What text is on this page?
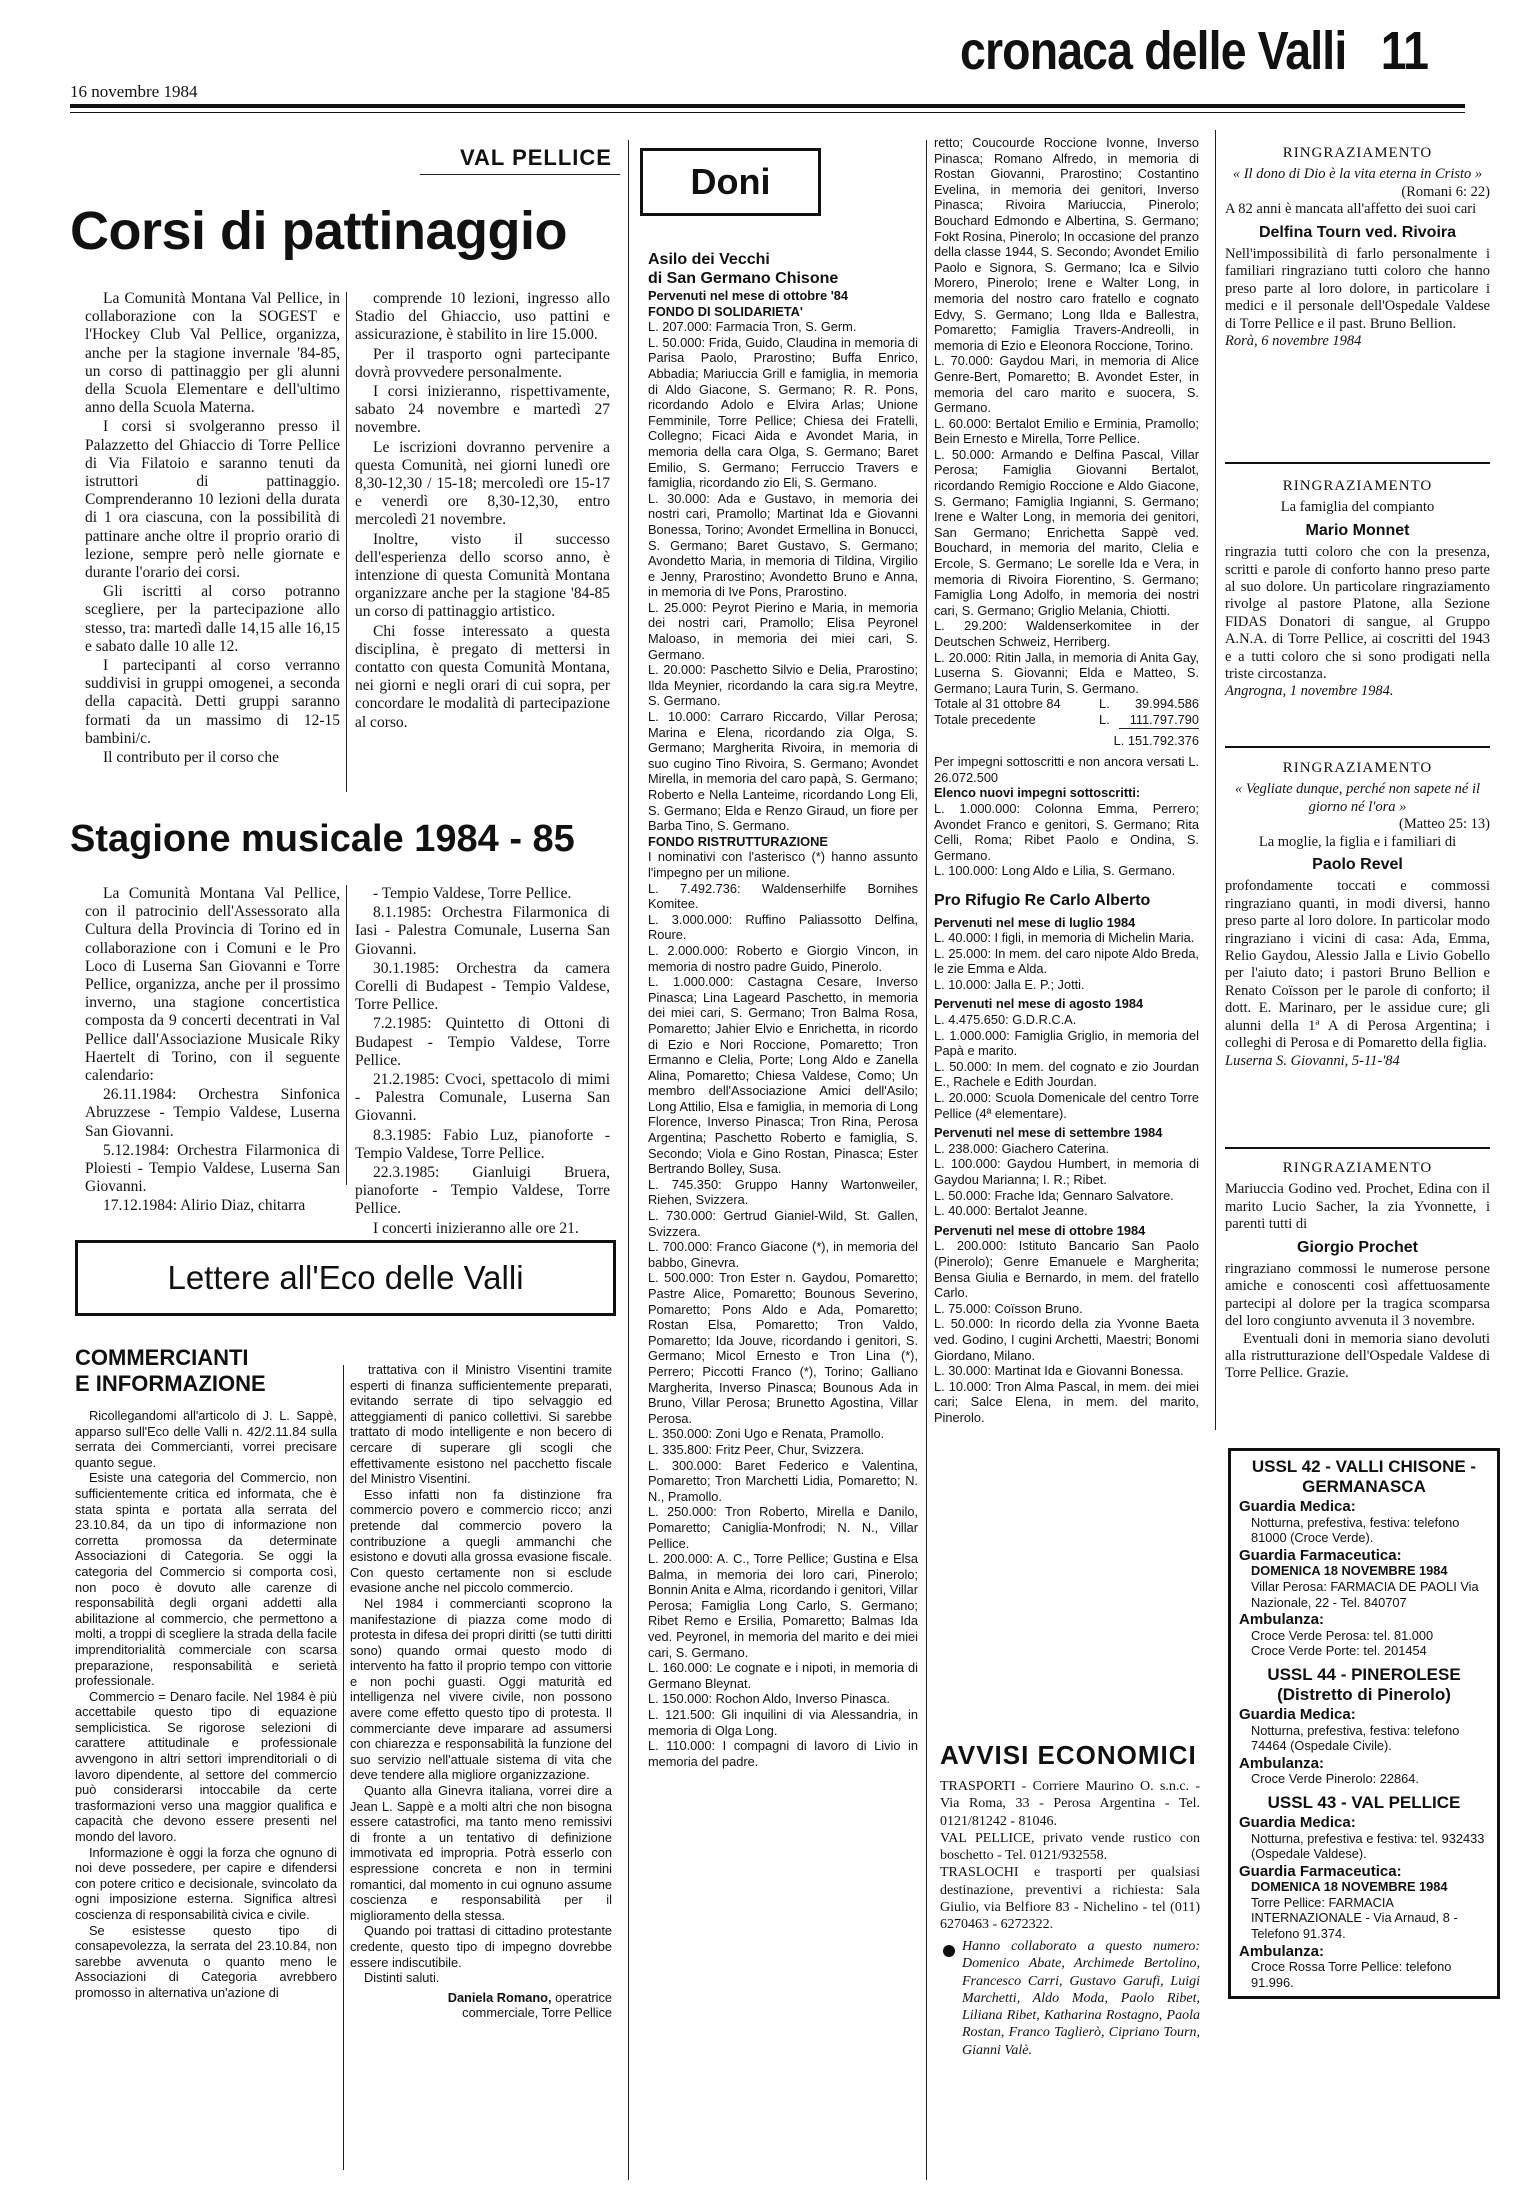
16 novembre 1984
cronaca delle Valli 11
VAL PELLICE
Corsi di pattinaggio

La Comunità Montana Val Pellice, in collaborazione con la SOGEST e l'Hockey Club Val Pellice, organizza, anche per la stagione invernale '84-85, un corso di pattinaggio per gli alunni della Scuola Elementare e dell'ultimo anno della Scuola Materna.

I corsi si svolgeranno presso il Palazzetto del Ghiaccio di Torre Pellice di Via Filatoio e saranno tenuti da istruttori di pattinaggio. Comprenderanno 10 lezioni della durata di 1 ora ciascuna, con la possibilità di pattinare anche oltre il proprio orario di lezione, sempre però nelle giornate e durante l'orario dei corsi.

Gli iscritti al corso potranno scegliere, per la partecipazione allo stesso, tra: martedì dalle 14,15 alle 16,15 e sabato dalle 10 alle 12.

I partecipanti al corso verranno suddivisi in gruppi omogenei, a seconda della capacità. Detti gruppi saranno formati da un massimo di 12-15 bambini/c.

Il contributo per il corso che

comprende 10 lezioni, ingresso allo Stadio del Ghiaccio, uso pattini e assicurazione, è stabilito in lire 15.000.

Per il trasporto ogni partecipante dovrà provvedere personalmente.

I corsi inizieranno, rispettivamente, sabato 24 novembre e martedì 27 novembre.

Le iscrizioni dovranno pervenire a questa Comunità, nei giorni lunedì ore 8,30-12,30 / 15-18; mercoledì ore 15-17 e venerdì ore 8,30-12,30, entro mercoledì 21 novembre.

Inoltre, visto il successo dell'esperienza dello scorso anno, è intenzione di questa Comunità Montana organizzare anche per la stagione '84-85 un corso di pattinaggio artistico.

Chi fosse interessato a questa disciplina, è pregato di mettersi in contatto con questa Comunità Montana, nei giorni e negli orari di cui sopra, per concordare le modalità di partecipazione al corso.

Stagione musicale 1984 - 85

La Comunità Montana Val Pellice, con il patrocinio dell'Assessorato alla Cultura della Provincia di Torino ed in collaborazione con i Comuni e le Pro Loco di Luserna San Giovanni e Torre Pellice, organizza, anche per il prossimo inverno, una stagione concertistica composta da 9 concerti decentrati in Val Pellice dall'Associazione Musicale Riky Haertelt di Torino, con il seguente calendario:

26.11.1984: Orchestra Sinfonica Abruzzese - Tempio Valdese, Luserna San Giovanni.

5.12.1984: Orchestra Filarmonica di Ploiesti - Tempio Valdese, Luserna San Giovanni.

17.12.1984: Alirio Diaz, chitarra

- Tempio Valdese, Torre Pellice.

8.1.1985: Orchestra Filarmonica di Iasi - Palestra Comunale, Luserna San Giovanni.

30.1.1985: Orchestra da camera Corelli di Budapest - Tempio Valdese, Torre Pellice.

7.2.1985: Quintetto di Ottoni di Budapest - Tempio Valdese, Torre Pellice.

21.2.1985: Cvoci, spettacolo di mimi - Palestra Comunale, Luserna San Giovanni.

8.3.1985: Fabio Luz, pianoforte - Tempio Valdese, Torre Pellice.

22.3.1985: Gianluigi Bruera, pianoforte - Tempio Valdese, Torre Pellice.

I concerti inizieranno alle ore 21.

Lettere all'Eco delle Valli
COMMERCIANTI
E INFORMAZIONE

Ricollegandomi all'articolo di J. L. Sappè, apparso sull'Eco delle Valli n. 42/2.11.84 sulla serrata dei Commercianti, vorrei precisare quanto segue.

Esiste una categoria del Commercio, non sufficientemente critica ed informata, che è stata spinta e portata alla serrata del 23.10.84, da un tipo di informazione non corretta promossa da determinate Associazioni di Categoria. Se oggi la categoria del Commercio si comporta così, non poco è dovuto alle carenze di responsabilità degli organi addetti alla abilitazione al commercio, che permettono a molti, a troppi di scegliere la strada della facile imprenditorialità commerciale con scarsa preparazione, responsabilità e serietà professionale.

Commercio = Denaro facile. Nel 1984 è più accettabile questo tipo di equazione semplicistica. Se rigorose selezioni di carattere attitudinale e professionale avvengono in altri settori imprenditoriali o di lavoro dipendente, al settore del commercio può considerarsi intoccabile da certe trasformazioni verso una maggior qualifica e capacità che devono essere presenti nel mondo del lavoro.

Informazione è oggi la forza che ognuno di noi deve possedere, per capire e difendersi con potere critico e decisionale, svincolato da ogni imposizione esterna. Significa altresì coscienza di responsabilità civica e civile.

Se esistesse questo tipo di consapevolezza, la serrata del 23.10.84, non sarebbe avvenuta o quanto meno le Associazioni di Categoria avrebbero promosso in alternativa un'azione di

trattativa con il Ministro Visentini tramite esperti di finanza sufficientemente preparati, evitando serrate di tipo selvaggio ed atteggiamenti di panico collettivi. Si sarebbe trattato di modo intelligente e non becero di cercare di superare gli scogli che effettivamente esistono nel pacchetto fiscale del Ministro Visentini.

Esso infatti non fa distinzione fra commercio povero e commercio ricco; anzi pretende dal commercio povero la contribuzione a quegli ammanchi che esistono e dovuti alla grossa evasione fiscale. Con questo certamente non si esclude evasione anche nel piccolo commercio.

Nel 1984 i commercianti scoprono la manifestazione di piazza come modo di protesta in difesa dei propri diritti (se tutti diritti sono) quando ormai questo modo di intervento ha fatto il proprio tempo con vittorie e non pochi guasti. Oggi maturità ed intelligenza nel vivere civile, non possono avere come effetto questo tipo di protesta. Il commerciante deve imparare ad assumersi con chiarezza e responsabilità la funzione del suo servizio nell'attuale sistema di vita che deve tendere alla migliore organizzazione.

Quanto alla Ginevra italiana, vorrei dire a Jean L. Sappè e a molti altri che non bisogna essere catastrofici, ma tanto meno remissivi di fronte a un tentativo di definizione immotivata ed impropria. Potrà esserlo con espressione concreta e non in termini romantici, dal momento in cui ognuno assume coscienza e responsabilità per il miglioramento della stessa.

Quando poi trattasi di cittadino protestante credente, questo tipo di impegno dovrebbe essere indiscutibile.

Distinti saluti.

Daniela Romano, operatrice

commerciale, Torre Pellice

Doni
Asilo dei Vecchi
di San Germano Chisone

Pervenuti nel mese di ottobre '84

FONDO DI SOLIDARIETA'

L. 207.000: Farmacia Tron, S. Germ.

L. 50.000: Frida, Guido, Claudina in memoria di Parisa Paolo, Prarostino; Buffa Enrico, Abbadia; Mariuccia Grill e famiglia, in memoria di Aldo Giacone, S. Germano; R. R. Pons, ricordando Adolo e Elvira Arlas; Unione Femminile, Torre Pellice; Chiesa dei Fratelli, Collegno; Ficaci Aida e Avondet Maria, in memoria della cara Olga, S. Germano; Baret Emilio, S. Germano; Ferruccio Travers e famiglia, ricordando zio Eli, S. Germano.

L. 30.000: Ada e Gustavo, in memoria dei nostri cari, Pramollo; Martinat Ida e Giovanni Bonessa, Torino; Avondet Ermellina in Bonucci, S. Germano; Baret Gustavo, S. Germano; Avondetto Maria, in memoria di Tildina, Virgilio e Jenny, Prarostino; Avondetto Bruno e Anna, in memoria di Ive Pons, Prarostino.

L. 25.000: Peyrot Pierino e Maria, in memoria dei nostri cari, Pramollo; Elisa Peyronel Maloaso, in memoria dei miei cari, S. Germano.

L. 20.000: Paschetto Silvio e Delia, Prarostino; Ilda Meynier, ricordando la cara sig.ra Meytre, S. Germano.

L. 10.000: Carraro Riccardo, Villar Perosa; Marina e Elena, ricordando zia Olga, S. Germano; Margherita Rivoira, in memoria di suo cugino Tino Rivoira, S. Germano; Avondet Mirella, in memoria del caro papà, S. Germano; Roberto e Nella Lanteime, ricordando Long Eli, S. Germano; Elda e Renzo Giraud, un fiore per Barba Tino, S. Germano.

FONDO RISTRUTTURAZIONE

I nominativi con l'asterisco (*) hanno assunto l'impegno per un milione.

L. 7.492.736: Waldenserhilfe Bornihes Komitee.

L. 3.000.000: Ruffino Paliassotto Delfina, Roure.

L. 2.000.000: Roberto e Giorgio Vincon, in memoria di nostro padre Guido, Pinerolo.

L. 1.000.000: Castagna Cesare, Inverso Pinasca; Lina Lageard Paschetto, in memoria dei miei cari, S. Germano; Tron Balma Rosa, Pomaretto; Jahier Elvio e Enrichetta, in ricordo di Ezio e Nori Roccione, Pomaretto; Tron Ermanno e Clelia, Porte; Long Aldo e Zanella Alina, Pomaretto; Chiesa Valdese, Como; Un membro dell'Associazione Amici dell'Asilo; Long Attilio, Elsa e famiglia, in memoria di Long Florence, Inverso Pinasca; Tron Rina, Perosa Argentina; Paschetto Roberto e famiglia, S. Secondo; Viola e Gino Rostan, Pinasca; Ester Bertrando Bolley, Susa.

L. 745.350: Gruppo Hanny Wartonweiler, Riehen, Svizzera.

L. 730.000: Gertrud Gianiel-Wild, St. Gallen, Svizzera.

L. 700.000: Franco Giacone (*), in memoria del babbo, Ginevra.

L. 500.000: Tron Ester n. Gaydou, Pomaretto; Pastre Alice, Pomaretto; Bounous Severino, Pomaretto; Pons Aldo e Ada, Pomaretto; Rostan Elsa, Pomaretto; Tron Valdo, Pomaretto; Ida Jouve, ricordando i genitori, S. Germano; Micol Ernesto e Tron Lina (*), Perrero; Piccotti Franco (*), Torino; Galliano Margherita, Inverso Pinasca; Bounous Ada in Bruno, Villar Perosa; Brunetto Agostina, Villar Perosa.

L. 350.000: Zoni Ugo e Renata, Pramollo.

L. 335.800: Fritz Peer, Chur, Svizzera.

L. 300.000: Baret Federico e Valentina, Pomaretto; Tron Marchetti Lidia, Pomaretto; N. N., Pramollo.

L. 250.000: Tron Roberto, Mirella e Danilo, Pomaretto; Caniglia-Monfrodi; N. N., Villar Pellice.

L. 200.000: A. C., Torre Pellice; Gustina e Elsa Balma, in memoria dei loro cari, Pinerolo; Bonnin Anita e Alma, ricordando i genitori, Villar Perosa; Famiglia Long Carlo, S. Germano; Ribet Remo e Ersilia, Pomaretto; Balmas Ida ved. Peyronel, in memoria del marito e dei miei cari, S. Germano.

L. 160.000: Le cognate e i nipoti, in memoria di Germano Bleynat.

L. 150.000: Rochon Aldo, Inverso Pinasca.

L. 121.500: Gli inquilini di via Alessandria, in memoria di Olga Long.

L. 110.000: I compagni di lavoro di Livio in memoria del padre.

retto; Coucourde Roccione Ivonne, Inverso Pinasca; Romano Alfredo, in memoria di Rostan Giovanni, Prarostino; Costantino Evelina, in memoria dei genitori, Inverso Pinasca; Rivoira Mariuccia, Pinerolo; Bouchard Edmondo e Albertina, S. Germano; Fokt Rosina, Pinerolo; In occasione del pranzo della classe 1944, S. Secondo; Avondet Emilio Paolo e Signora, S. Germano; Ica e Silvio Morero, Pinerolo; Irene e Walter Long, in memoria del nostro caro fratello e cognato Edvy, S. Germano; Long Ilda e Ballestra, Pomaretto; Famiglia Travers-Andreolli, in memoria di Ezio e Eleonora Roccione, Torino.

L. 70.000: Gaydou Mari, in memoria di Alice Genre-Bert, Pomaretto; B. Avondet Ester, in memoria del caro marito e suocera, S. Germano.

L. 60.000: Bertalot Emilio e Erminia, Pramollo; Bein Ernesto e Mirella, Torre Pellice.

L. 50.000: Armando e Delfina Pascal, Villar Perosa; Famiglia Giovanni Bertalot, ricordando Remigio Roccione e Aldo Giacone, S. Germano; Famiglia Ingianni, S. Germano; Irene e Walter Long, in memoria dei genitori, San Germano; Enrichetta Sappè ved. Bouchard, in memoria del marito, Clelia e Ercole, S. Germano; Le sorelle Ida e Vera, in memoria di Rivoira Fiorentino, S. Germano; Famiglia Long Adolfo, in memoria dei nostri cari, S. Germano; Griglio Melania, Chiotti.

L. 29.200: Waldenserkomitee in der Deutschen Schweiz, Herriberg.

L. 20.000: Ritin Jalla, in memoria di Anita Gay, Luserna S. Giovanni; Elda e Matteo, S. Germano; Laura Turin, S. Germano.

Totale al 31 ottobre 84	L.	39.994.586
Totale precedente	L.	111.797.790

L. 151.792.376

Per impegni sottoscritti e non ancora versati L. 26.072.500

Elenco nuovi impegni sottoscritti:

L. 1.000.000: Colonna Emma, Perrero; Avondet Franco e genitori, S. Germano; Rita Celli, Roma; Ribet Paolo e Ondina, S. Germano.

L. 100.000: Long Aldo e Lilia, S. Germano.

Pro Rifugio Re Carlo Alberto

Pervenuti nel mese di luglio 1984

L. 40.000: I figli, in memoria di Michelin Maria.

L. 25.000: In mem. del caro nipote Aldo Breda, le zie Emma e Alda.

L. 10.000: Jalla E. P.; Jotti.

Pervenuti nel mese di agosto 1984

L. 4.475.650: G.D.R.C.A.

L. 1.000.000: Famiglia Griglio, in memoria del Papà e marito.

L. 50.000: In mem. del cognato e zio Jourdan E., Rachele e Edith Jourdan.

L. 20.000: Scuola Domenicale del centro Torre Pellice (4ª elementare).

Pervenuti nel mese di settembre 1984

L. 238.000: Giachero Caterina.

L. 100.000: Gaydou Humbert, in memoria di Gaydou Marianna; I. R.; Ribet.

L. 50.000: Frache Ida; Gennaro Salvatore.

L. 40.000: Bertalot Jeanne.

Pervenuti nel mese di ottobre 1984

L. 200.000: Istituto Bancario San Paolo (Pinerolo); Genre Emanuele e Margherita; Bensa Giulia e Bernardo, in mem. del fratello Carlo.

L. 75.000: Coïsson Bruno.

L. 50.000: In ricordo della zia Yvonne Baeta ved. Godino, I cugini Archetti, Maestri; Bonomi Giordano, Milano.

L. 30.000: Martinat Ida e Giovanni Bonessa.

L. 10.000: Tron Alma Pascal, in mem. dei miei cari; Salce Elena, in mem. del marito, Pinerolo.

AVVISI ECONOMICI

TRASPORTI - Corriere Maurino O. s.n.c. - Via Roma, 33 - Perosa Argentina - Tel. 0121/81242 - 81046.

VAL PELLICE, privato vende rustico con boschetto - Tel. 0121/932558.

TRASLOCHI e trasporti per qualsiasi destinazione, preventivi a richiesta: Sala Giulio, via Belfiore 83 - Nichelino - tel (011) 6270463 - 6272322.

Hanno collaborato a questo numero: Domenico Abate, Archimede Bertolino, Francesco Carri, Gustavo Garufi, Luigi Marchetti, Aldo Moda, Paolo Ribet, Liliana Ribet, Katharina Rostagno, Paola Rostan, Franco Taglierò, Cipriano Tourn, Gianni Valè.

RINGRAZIAMENTO

« Il dono di Dio è la vita eterna in Cristo »

(Romani 6: 22)

A 82 anni è mancata all'affetto dei suoi cari

Delfina Tourn ved. Rivoira

Nell'impossibilità di farlo personalmente i familiari ringraziano tutti coloro che hanno preso parte al loro dolore, in particolare i medici e il personale dell'Ospedale Valdese di Torre Pellice e il past. Bruno Bellion.

Rorà, 6 novembre 1984

RINGRAZIAMENTO

La famiglia del compianto

Mario Monnet

ringrazia tutti coloro che con la presenza, scritti e parole di conforto hanno preso parte al suo dolore. Un particolare ringraziamento rivolge al pastore Platone, alla Sezione FIDAS Donatori di sangue, al Gruppo A.N.A. di Torre Pellice, ai coscritti del 1943 e a tutti coloro che si sono prodigati nella triste circostanza.

Angrogna, 1 novembre 1984.

RINGRAZIAMENTO

« Vegliate dunque, perché non sapete né il giorno né l'ora »

(Matteo 25: 13)

La moglie, la figlia e i familiari di

Paolo Revel

profondamente toccati e commossi ringraziano quanti, in modi diversi, hanno preso parte al loro dolore. In particolar modo ringraziano i vicini di casa: Ada, Emma, Relio Gaydou, Alessio Jalla e Livio Gobello per l'aiuto dato; i pastori Bruno Bellion e Renato Coïsson per le parole di conforto; il dott. E. Marinaro, per le assidue cure; gli alunni della 1ª A di Perosa Argentina; i colleghi di Perosa e di Pomaretto della figlia.

Luserna S. Giovanni, 5-11-'84

RINGRAZIAMENTO

Mariuccia Godino ved. Prochet, Edina con il marito Lucio Sacher, la zia Yvonnette, i parenti tutti di

Giorgio Prochet

ringraziano commossi le numerose persone amiche e conoscenti così affettuosamente partecipi al dolore per la tragica scomparsa del loro congiunto avvenuta il 3 novembre.

Eventuali doni in memoria siano devoluti alla ristrutturazione dell'Ospedale Valdese di Torre Pellice. Grazie.

USSL 42 - VALLI CHISONE - GERMANASCA
Guardia Medica:
Notturna, prefestiva, festiva: telefono 81000 (Croce Verde).
Guardia Farmaceutica:
DOMENICA 18 NOVEMBRE 1984
Villar Perosa: FARMACIA DE PAOLI Via Nazionale, 22 - Tel. 840707
Ambulanza:
Croce Verde Perosa: tel. 81.000
Croce Verde Porte: tel. 201454
USSL 44 - PINEROLESE (Distretto di Pinerolo)
Guardia Medica:
Notturna, prefestiva, festiva: telefono 74464 (Ospedale Civile).
Ambulanza:
Croce Verde Pinerolo: 22864.
USSL 43 - VAL PELLICE
Guardia Medica:
Notturna, prefestiva e festiva: tel. 932433 (Ospedale Valdese).
Guardia Farmaceutica:
DOMENICA 18 NOVEMBRE 1984
Torre Pellice: FARMACIA INTERNAZIONALE - Via Arnaud, 8 - Telefono 91.374.
Ambulanza:
Croce Rossa Torre Pellice: telefono 91.996.
